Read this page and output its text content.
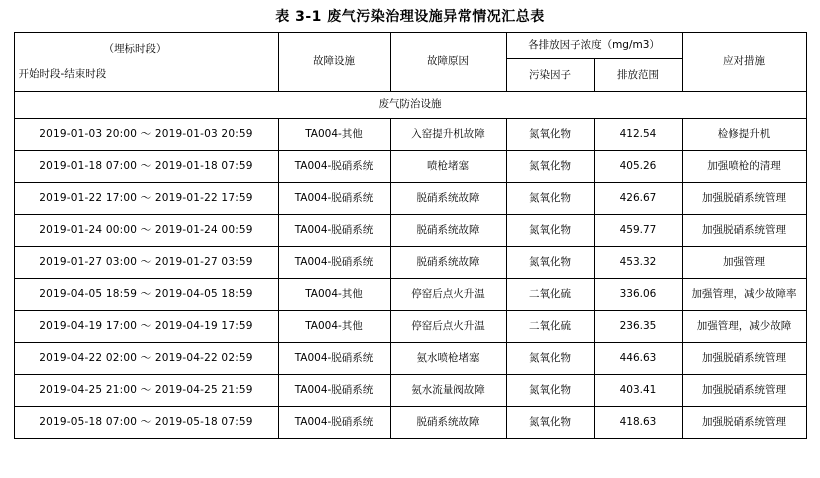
表 3-1 废气污染治理设施异常情况汇总表
（埋标时段）
开始时段-结束时段	故障设施	故障原因	各排放因子浓度（mg/m3）		应对措施
			污染因子	排放范围	
废气防治设施					
2019-01-03 20:00 ～ 2019-01-03 20:59	TA004-其他	入窑提升机故障	氮氧化物	412.54	检修提升机
2019-01-18 07:00 ～ 2019-01-18 07:59	TA004-脱硝系统	喷枪堵塞	氮氧化物	405.26	加强喷枪的清理
2019-01-22 17:00 ～ 2019-01-22 17:59	TA004-脱硝系统	脱硝系统故障	氮氧化物	426.67	加强脱硝系统管理
2019-01-24 00:00 ～ 2019-01-24 00:59	TA004-脱硝系统	脱硝系统故障	氮氧化物	459.77	加强脱硝系统管理
2019-01-27 03:00 ～ 2019-01-27 03:59	TA004-脱硝系统	脱硝系统故障	氮氧化物	453.32	加强管理
2019-04-05 18:59 ～ 2019-04-05 18:59	TA004-其他	停窑后点火升温	二氧化硫	336.06	加强管理，减少故障率
2019-04-19 17:00 ～ 2019-04-19 17:59	TA004-其他	停窑后点火升温	二氧化硫	236.35	加强管理，减少故障
2019-04-22 02:00 ～ 2019-04-22 02:59	TA004-脱硝系统	氨水喷枪堵塞	氮氧化物	446.63	加强脱硝系统管理
2019-04-25 21:00 ～ 2019-04-25 21:59	TA004-脱硝系统	氨水流量阀故障	氮氧化物	403.41	加强脱硝系统管理
2019-05-18 07:00 ～ 2019-05-18 07:59	TA004-脱硝系统	脱硝系统故障	氮氧化物	418.63	加强脱硝系统管理
